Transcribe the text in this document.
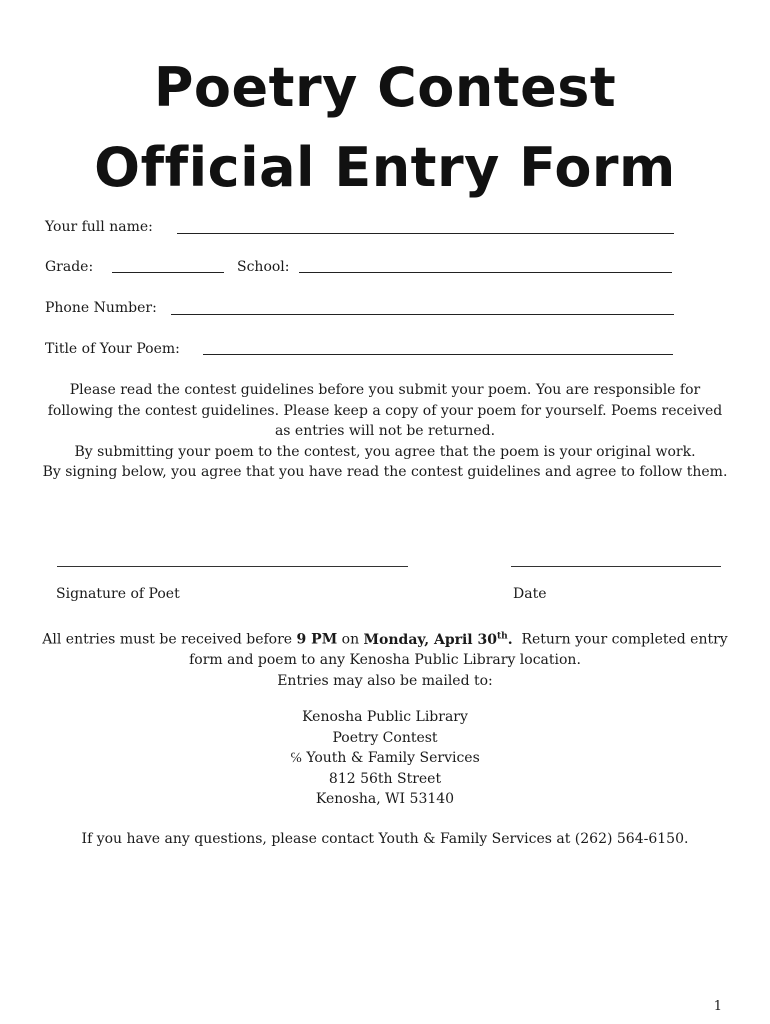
Poetry Contest
Official Entry Form
Your full name:
Grade:	School:
Phone Number:
Title of Your Poem:
Please read the contest guidelines before you submit your poem. You are responsible for
following the contest guidelines. Please keep a copy of your poem for yourself. Poems received
as entries will not be returned.
By submitting your poem to the contest, you agree that the poem is your original work.
By signing below, you agree that you have read the contest guidelines and agree to follow them.
Signature of Poet	Date
All entries must be received before 9 PM on Monday, April 30th.  Return your completed entry
form and poem to any Kenosha Public Library location.
Entries may also be mailed to:
Kenosha Public Library
Poetry Contest
℅ Youth & Family Services
812 56th Street
Kenosha, WI 53140
If you have any questions, please contact Youth & Family Services at (262) 564-6150.
1
